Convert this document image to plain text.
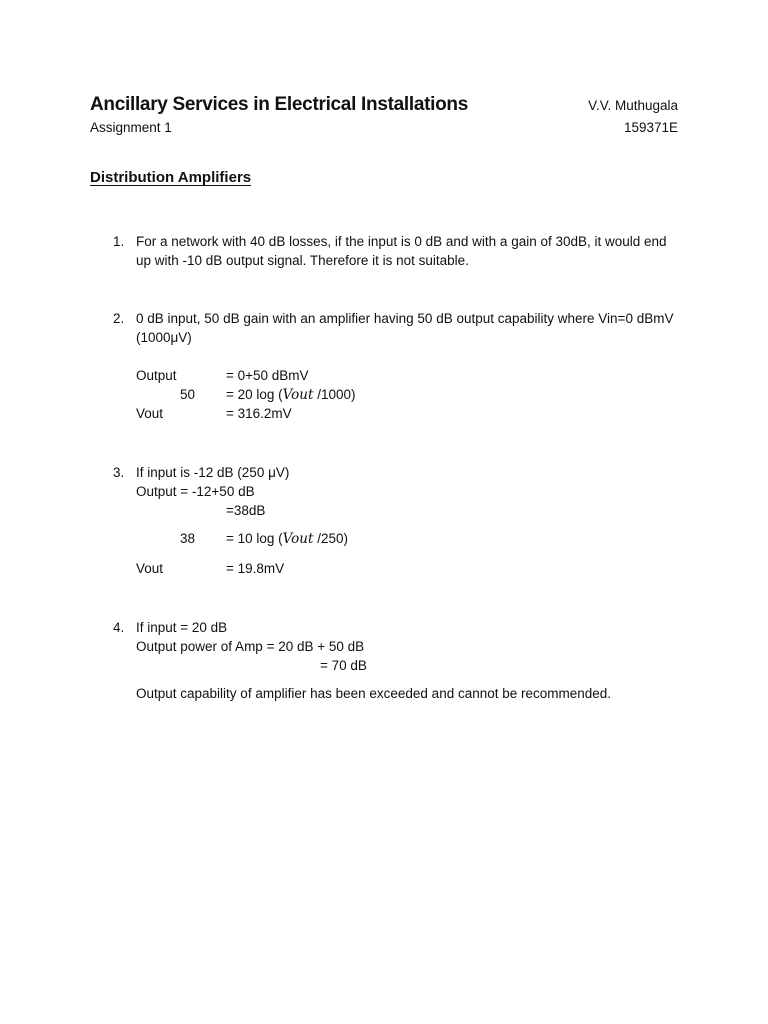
Ancillary Services in Electrical Installations	V.V. Muthugala
Assignment 1	159371E
Distribution Amplifiers
1. For a network with 40 dB losses, if the input is 0 dB and with a gain of 30dB, it would end
up with -10 dB output signal. Therefore it is not suitable.
2. 0 dB input, 50 dB gain with an amplifier having 50 dB output capability where Vin=0 dBmV
(1000μV)
Output	= 0+50 dBmV
50 = 20 log (Vout /1000)
Vout	= 316.2mV
3. If input is -12 dB (250 μV)
Output = -12+50 dB
=38dB
38 = 10 log (Vout /250)
Vout	= 19.8mV
4. If input = 20 dB
Output power of Amp = 20 dB + 50 dB
= 70 dB
Output capability of amplifier has been exceeded and cannot be recommended.
